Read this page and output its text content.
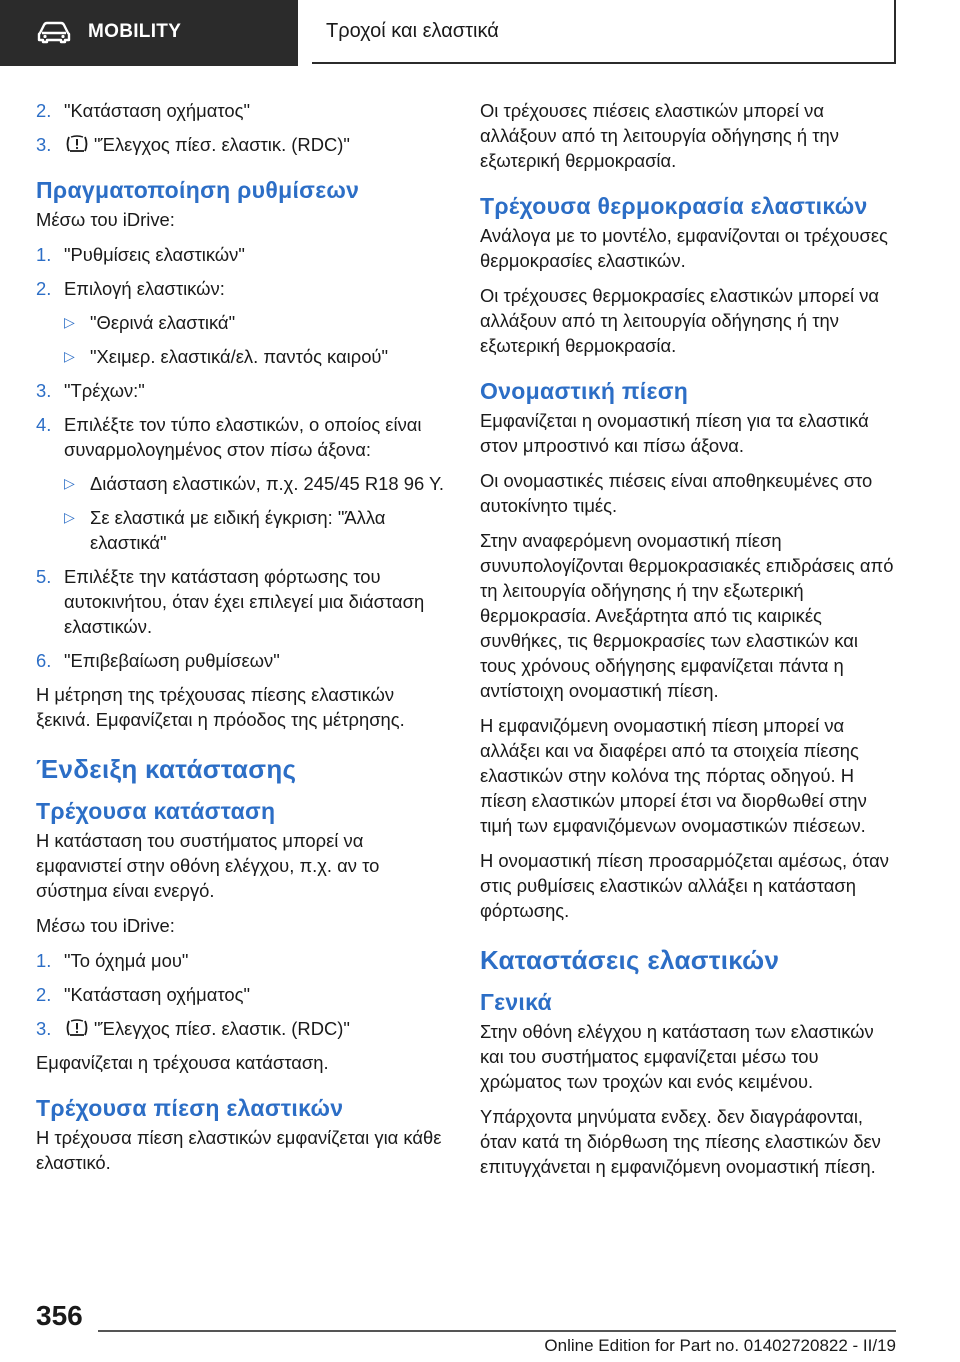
MOBILITY	Τροχοί και ελαστικά
2. "Κατάσταση οχήματος"
3.	"Έλεγχος πίεσ. ελαστικ. (RDC)"
Πραγματοποίηση ρυθμίσεων
Μέσω του iDrive:
1. "Ρυθμίσεις ελαστικών"
2. Επιλογή ελαστικών:
▷ "Θερινά ελαστικά"
▷ "Χειμερ. ελαστικά/ελ. παντός καιρού"
3. "Τρέχων:"
4. Επιλέξτε τον τύπο ελαστικών, ο οποίος είναι συναρμολογημένος στον πίσω άξονα:
▷ Διάσταση ελαστικών, π.χ. 245/45 R18 96 Y.
▷ Σε ελαστικά με ειδική έγκριση: "Άλλα ελαστικά"
5. Επιλέξτε την κατάσταση φόρτωσης του αυτοκινήτου, όταν έχει επιλεγεί μια διάσταση ελαστικών.
6. "Επιβεβαίωση ρυθμίσεων"
Η μέτρηση της τρέχουσας πίεσης ελαστικών ξεκινά. Εμφανίζεται η πρόοδος της μέτρησης.
Ένδειξη κατάστασης
Τρέχουσα κατάσταση
Η κατάσταση του συστήματος μπορεί να εμφανιστεί στην οθόνη ελέγχου, π.χ. αν το σύστημα είναι ενεργό.
Μέσω του iDrive:
1. "Το όχημά μου"
2. "Κατάσταση οχήματος"
3.	"Έλεγχος πίεσ. ελαστικ. (RDC)"
Εμφανίζεται η τρέχουσα κατάσταση.
Τρέχουσα πίεση ελαστικών
Η τρέχουσα πίεση ελαστικών εμφανίζεται για κάθε ελαστικό.
Οι τρέχουσες πιέσεις ελαστικών μπορεί να αλλάξουν από τη λειτουργία οδήγησης ή την εξωτερική θερμοκρασία.
Τρέχουσα θερμοκρασία ελαστικών
Ανάλογα με το μοντέλο, εμφανίζονται οι τρέχουσες θερμοκρασίες ελαστικών.
Οι τρέχουσες θερμοκρασίες ελαστικών μπορεί να αλλάξουν από τη λειτουργία οδήγησης ή την εξωτερική θερμοκρασία.
Ονομαστική πίεση
Εμφανίζεται η ονομαστική πίεση για τα ελαστικά στον μπροστινό και πίσω άξονα.
Οι ονομαστικές πιέσεις είναι αποθηκευμένες στο αυτοκίνητο τιμές.
Στην αναφερόμενη ονομαστική πίεση συνυπολογίζονται θερμοκρασιακές επιδράσεις από τη λειτουργία οδήγησης ή την εξωτερική θερμοκρασία. Ανεξάρτητα από τις καιρικές συνθήκες, τις θερμοκρασίες των ελαστικών και τους χρόνους οδήγησης εμφανίζεται πάντα η αντίστοιχη ονομαστική πίεση.
Η εμφανιζόμενη ονομαστική πίεση μπορεί να αλλάξει και να διαφέρει από τα στοιχεία πίεσης ελαστικών στην κολόνα της πόρτας οδηγού. Η πίεση ελαστικών μπορεί έτσι να διορθωθεί στην τιμή των εμφανιζόμενων ονομαστικών πιέσεων.
Η ονομαστική πίεση προσαρμόζεται αμέσως, όταν στις ρυθμίσεις ελαστικών αλλάξει η κατάσταση φόρτωσης.
Καταστάσεις ελαστικών
Γενικά
Στην οθόνη ελέγχου η κατάσταση των ελαστικών και του συστήματος εμφανίζεται μέσω του χρώματος των τροχών και ενός κειμένου.
Υπάρχοντα μηνύματα ενδεχ. δεν διαγράφονται, όταν κατά τη διόρθωση της πίεσης ελαστικών δεν επιτυγχάνεται η εμφανιζόμενη ονομαστική πίεση.
356
Online Edition for Part no. 01402720822 - II/19
